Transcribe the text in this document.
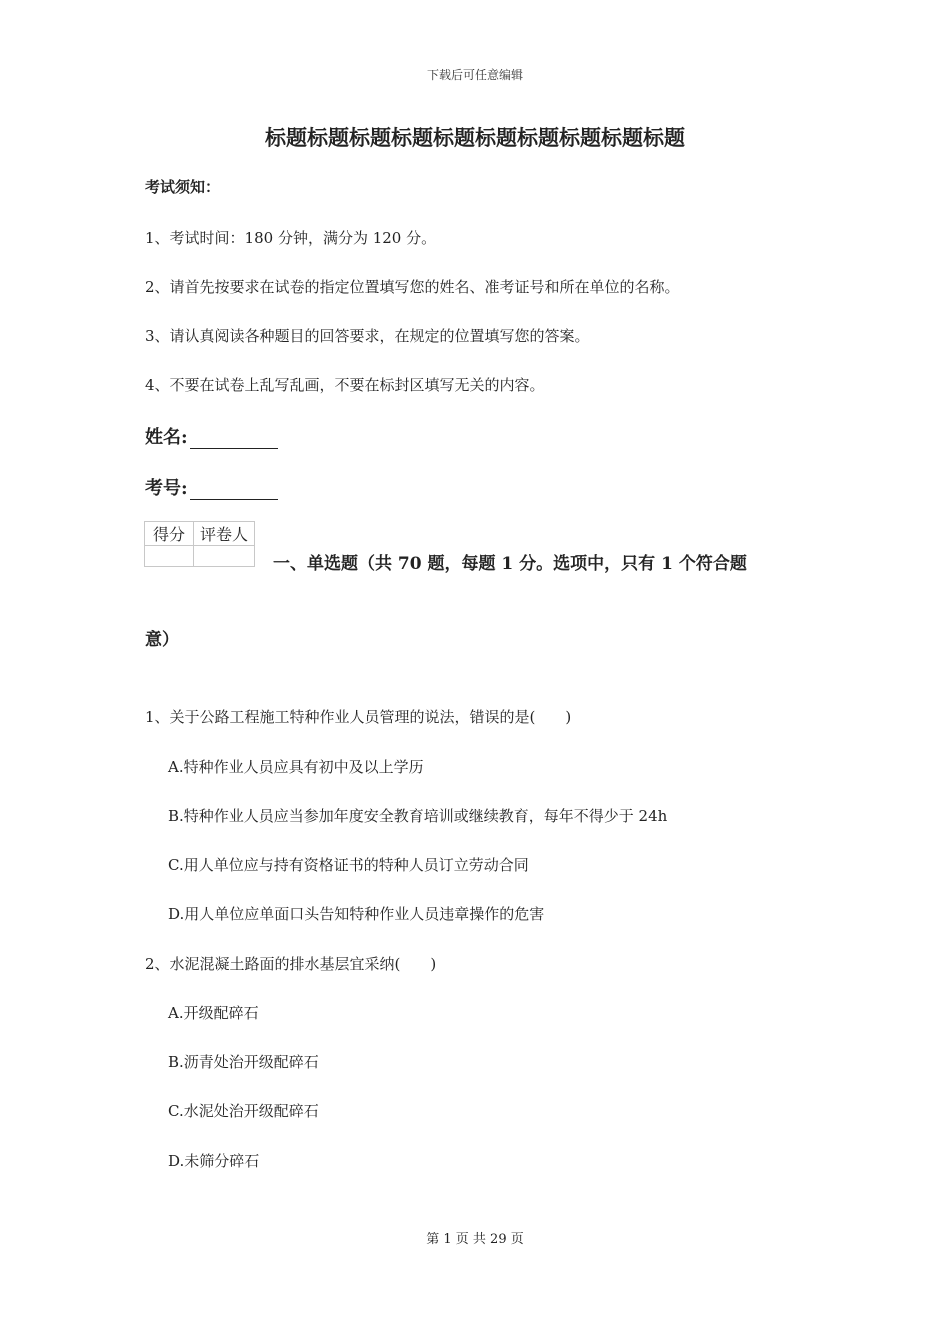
下载后可任意编辑
标题标题标题标题标题标题标题标题标题标题
考试须知：
1、考试时间：180 分钟，满分为 120 分。
2、请首先按要求在试卷的指定位置填写您的姓名、准考证号和所在单位的名称。
3、请认真阅读各种题目的回答要求，在规定的位置填写您的答案。
4、不要在试卷上乱写乱画，不要在标封区填写无关的内容。
姓名:
考号:
得分	评卷人

一、单选题（共 70 题，每题 1 分。选项中，只有 1 个符合题
意）
1、关于公路工程施工特种作业人员管理的说法，错误的是(　　)
A.特种作业人员应具有初中及以上学历
B.特种作业人员应当参加年度安全教育培训或继续教育，每年不得少于 24h
C.用人单位应与持有资格证书的特种人员订立劳动合同
D.用人单位应单面口头告知特种作业人员违章操作的危害
2、水泥混凝土路面的排水基层宜采纳(　　)
A.开级配碎石
B.沥青处治开级配碎石
C.水泥处治开级配碎石
D.未筛分碎石
第 1 页 共 29 页
